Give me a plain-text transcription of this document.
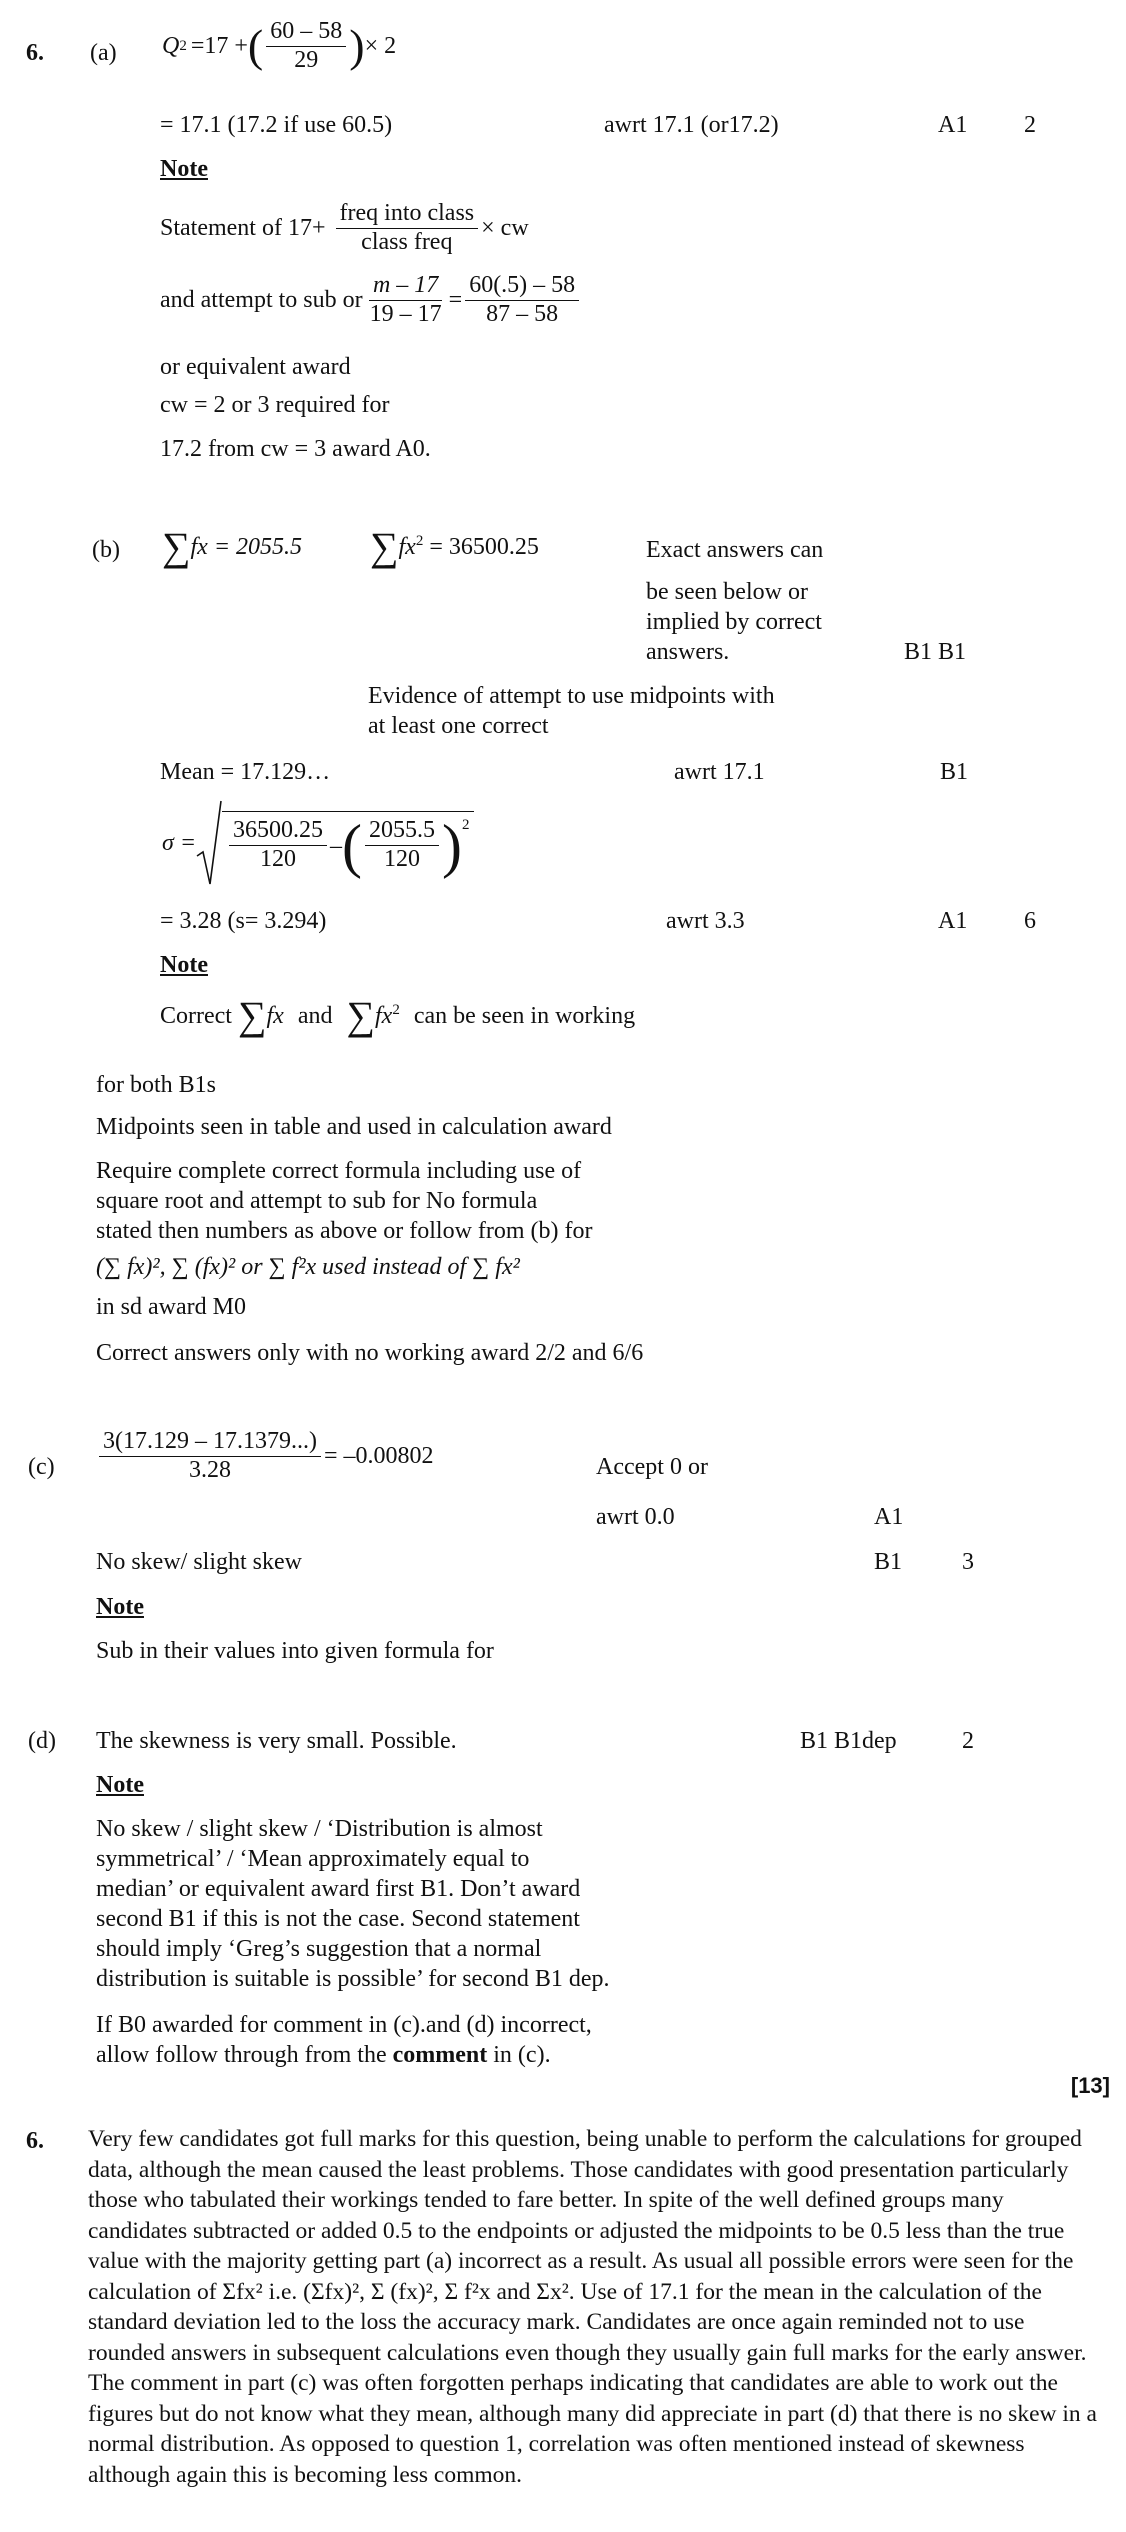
6. (a) Q 2 =17 + ( $\frac{60 - 58}{29}$ ) × 2
= 17.1 (17.2 if use 60.5)	awrt 17.1 (or17.2)	A1 2
Note
Statement of $17+ \frac{\text{freq into class}}{\text{class freq}}$ × cw
and attempt to sub or $\frac{m - 17}{19 - 17} = \frac{60(.5) - 58}{87 - 58}$
or equivalent award
cw = 2 or 3 required for
17.2 from cw = 3 award A0.
(b) ∑fx = 2055.5 $\sum fx^2 = 36500.25$	Exact answers can
be seen below or
implied by correct
answers.	B1 B1
Evidence of attempt to use midpoints with
at least one correct
Mean = 17.129…	awrt 17.1	B1
$\sigma = \frac{36500.25}{120}$ – ( $\frac{2055.5}{120} )^2$
= 3.28 (s= 3.294)	awrt 3.3	A1 6
Note
Correct ∑fx and $\sum fx^2$ can be seen in working
for both B1s
Midpoints seen in table and used in calculation award
Require complete correct formula including use of
square root and attempt to sub for No formula
stated then numbers as above or follow from (b) for
(∑ fx)², ∑ (fx)² or ∑ f²x used instead of ∑ fx²
in sd award M0
Correct answers only with no working award 2/2 and 6/6
$(c) \frac{3(17.129 - 17.1379...)}{3.28} = -0.00802$	Accept 0 or
awrt 0.0	A1
No skew/ slight skew	B1 3
Note
Sub in their values into given formula for
(d) The skewness is very small. Possible.	B1 B1dep	2
Note
No skew / slight skew / ‘Distribution is almost
symmetrical’ / ‘Mean approximately equal to
median’ or equivalent award first B1. Don’t award
second B1 if this is not the case. Second statement
should imply ‘Greg’s suggestion that a normal
distribution is suitable is possible’ for second B1 dep.
If B0 awarded for comment in (c).and (d) incorrect,
allow follow through from the comment in (c).
[13]
6. Very few candidates got full marks for this question, being unable to perform the calculations for grouped data, although the mean caused the least problems. Those candidates with good presentation particularly those who tabulated their workings tended to fare better. In spite of the well defined groups many candidates subtracted or added 0.5 to the endpoints or adjusted the midpoints to be 0.5 less than the true value with the majority getting part (a) incorrect as a result. As usual all possible errors were seen for the calculation of Σfx² i.e. (Σfx)², Σ (fx)², Σ f²x and Σx². Use of 17.1 for the mean in the calculation of the standard deviation led to the loss the accuracy mark. Candidates are once again reminded not to use rounded answers in subsequent calculations even though they usually gain full marks for the early answer. The comment in part (c) was often forgotten perhaps indicating that candidates are able to work out the figures but do not know what they mean, although many did appreciate in part (d) that there is no skew in a normal distribution. As opposed to question 1, correlation was often mentioned instead of skewness although again this is becoming less common.
